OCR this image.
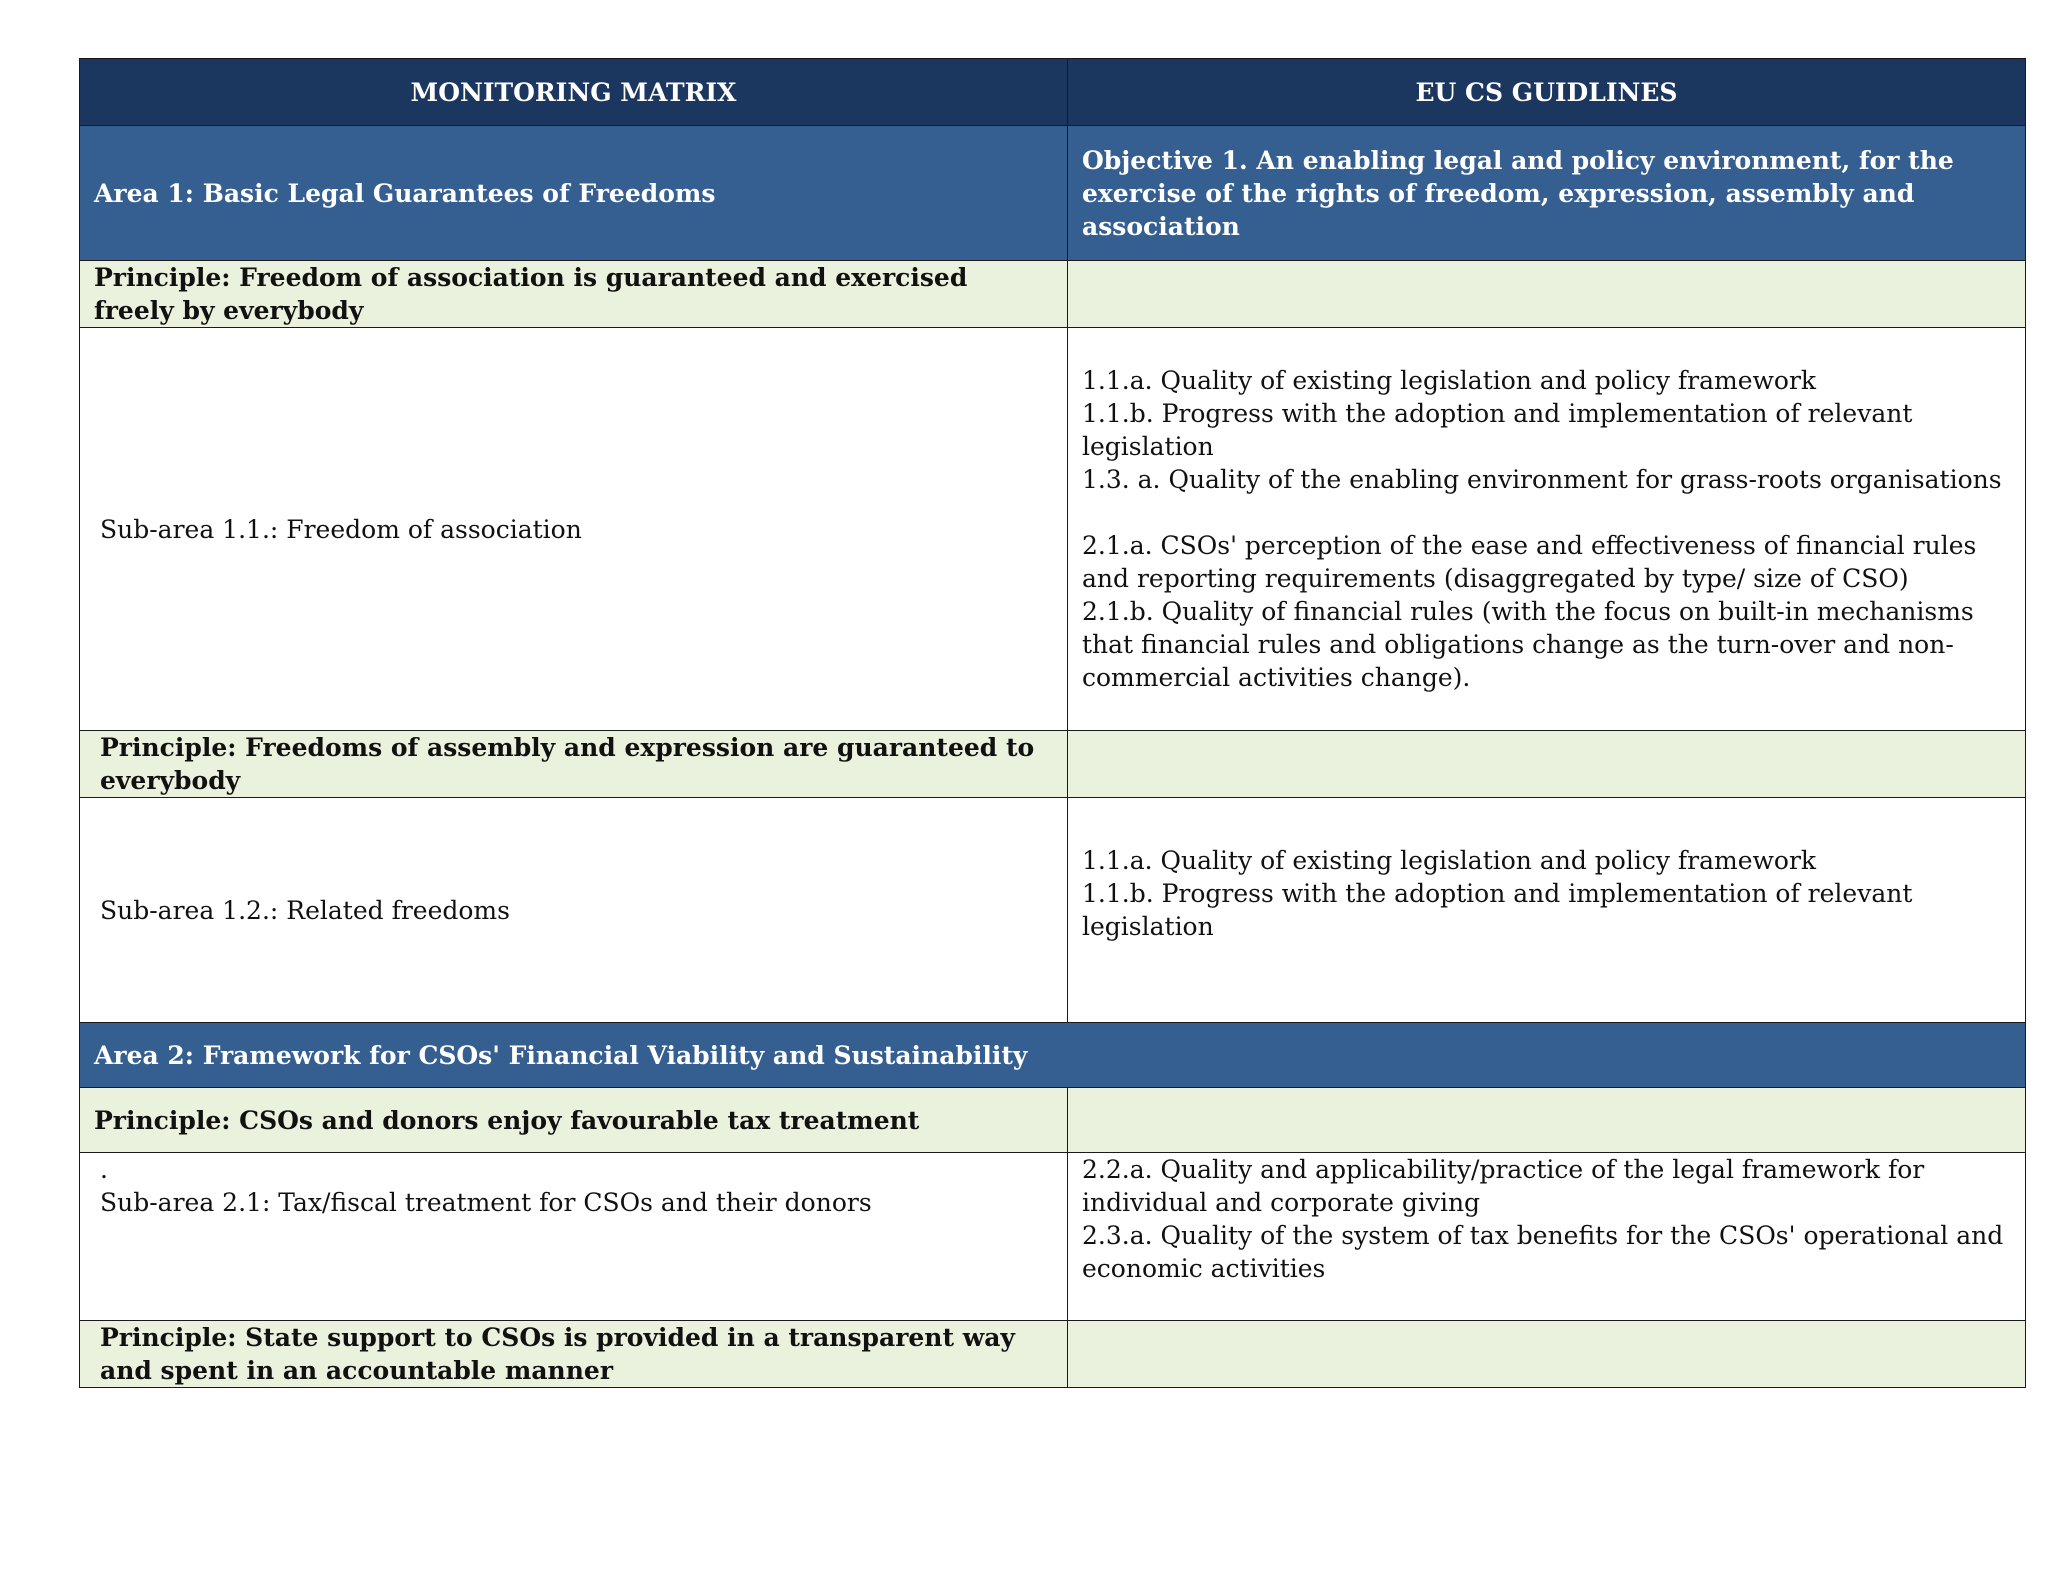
MONITORING MATRIX	EU CS GUIDLINES
Area 1: Basic Legal Guarantees of Freedoms	Objective 1. An enabling legal and policy environment, for the exercise of the rights of freedom, expression, assembly and association
Principle: Freedom of association is guaranteed and exercised freely by everybody	

Sub-area 1.1.: Freedom of association	1.1.a. Quality of existing legislation and policy framework
1.1.b. Progress with the adoption and implementation of relevant legislation
1.3. a. Quality of the enabling environment for grass-roots organisations
2.1.a. CSOs' perception of the ease and effectiveness of financial rules and reporting requirements (disaggregated by type/ size of CSO)
2.1.b. Quality of financial rules (with the focus on built-in mechanisms that financial rules and obligations change as the turn-over and non-commercial activities change).

Principle: Freedoms of assembly and expression are guaranteed to everybody	

Sub-area 1.2.: Related freedoms	1.1.a. Quality of existing legislation and policy framework
1.1.b. Progress with the adoption and implementation of relevant legislation

Area 2: Framework for CSOs' Financial Viability and Sustainability	
Principle: CSOs and donors enjoy favourable tax treatment	

.
Sub-area 2.1: Tax/fiscal treatment for CSOs and their donors	2.2.a. Quality and applicability/practice of the legal framework for individual and corporate giving
2.3.a. Quality of the system of tax benefits for the CSOs' operational and economic activities

Principle: State support to CSOs is provided in a transparent way and spent in an accountable manner	
